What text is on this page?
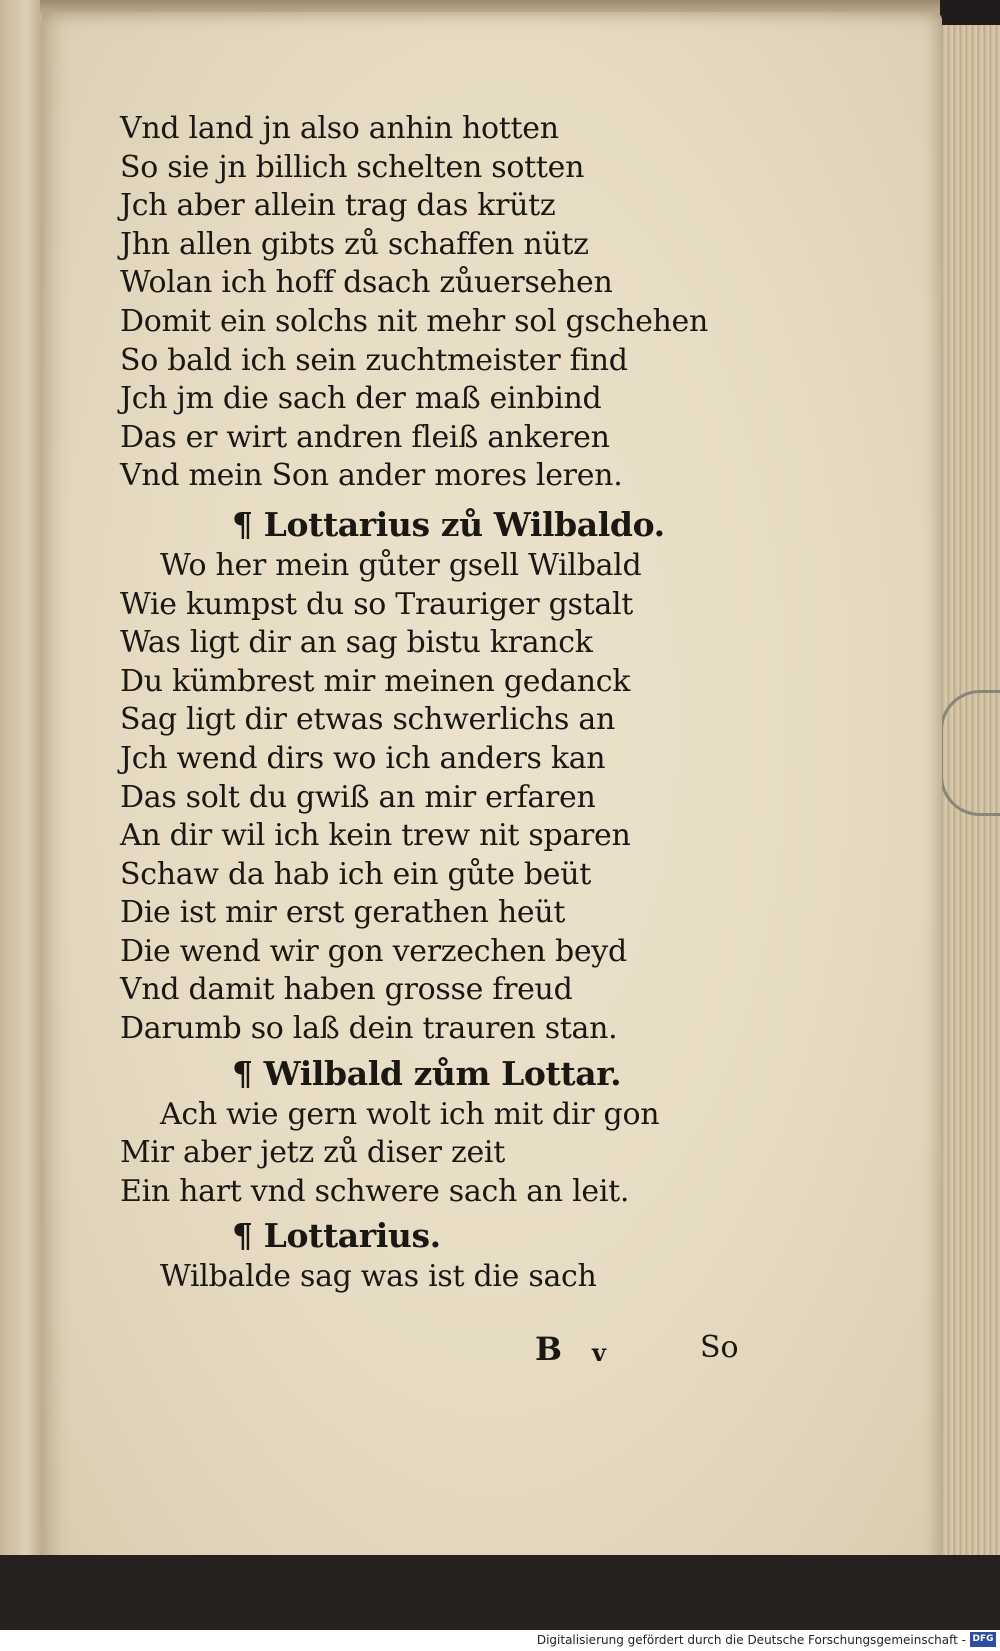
Vnd land jn also anhin hotten
So sie jn billich schelten sotten
Jch aber allein trag das krütz
Jhn allen gibts zů schaffen nütz
Wolan ich hoff dsach zůuersehen
Domit ein solchs nit mehr sol gschehen
So bald ich sein zuchtmeister find
Jch jm die sach der maß einbind
Das er wirt andren fleiß ankeren
Vnd mein Son ander mores leren.
¶ Lottarius zů Wilbaldo.
Wo her mein gůter gsell Wilbald
Wie kumpst du so Trauriger gstalt
Was ligt dir an sag bistu kranck
Du kümbrest mir meinen gedanck
Sag ligt dir etwas schwerlichs an
Jch wend dirs wo ich anders kan
Das solt du gwiß an mir erfaren
An dir wil ich kein trew nit sparen
Schaw da hab ich ein gůte beüt
Die ist mir erst gerathen heüt
Die wend wir gon verzechen beyd
Vnd damit haben grosse freud
Darumb so laß dein trauren stan.
¶ Wilbald zům Lottar.
Ach wie gern wolt ich mit dir gon
Mir aber jetz zů diser zeit
Ein hart vnd schwere sach an leit.
¶ Lottarius.
Wilbalde sag was ist die sach
B v	So
Digitalisierung gefördert durch die Deutsche Forschungsgemeinschaft - DFG
